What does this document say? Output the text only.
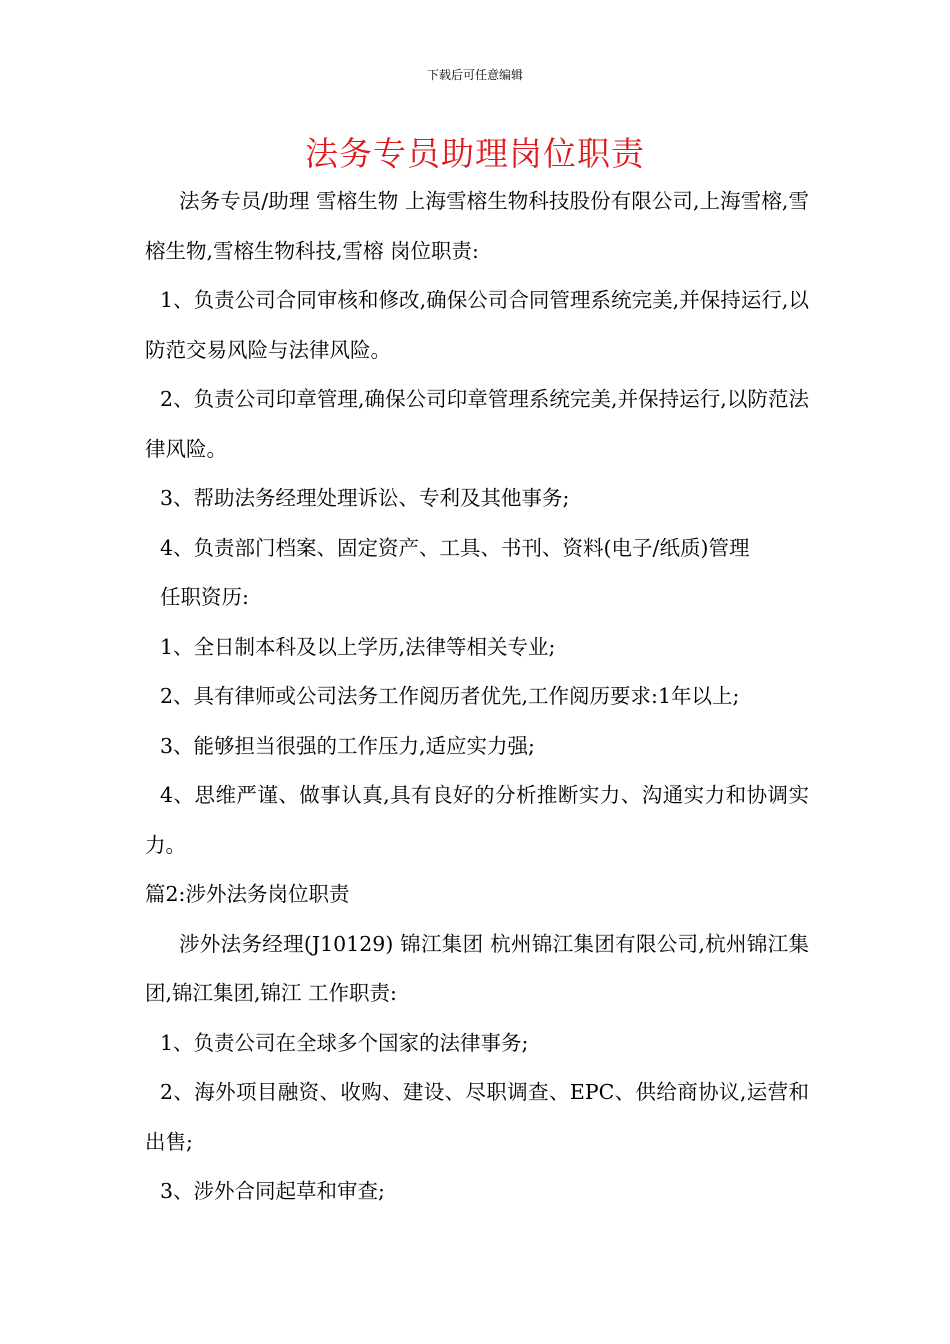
下载后可任意编辑
法务专员助理岗位职责

法务专员/助理 雪榕生物 上海雪榕生物科技股份有限公司,上海雪榕,雪榕生物,雪榕生物科技,雪榕 岗位职责:

1、负责公司合同审核和修改,确保公司合同管理系统完美,并保持运行,以防范交易风险与法律风险。

2、负责公司印章管理,确保公司印章管理系统完美,并保持运行,以防范法律风险。

3、帮助法务经理处理诉讼、专利及其他事务;

4、负责部门档案、固定资产、工具、书刊、资料(电子/纸质)管理

任职资历:

1、全日制本科及以上学历,法律等相关专业;

2、具有律师或公司法务工作阅历者优先,工作阅历要求:1年以上;

3、能够担当很强的工作压力,适应实力强;

4、思维严谨、做事认真,具有良好的分析推断实力、沟通实力和协调实力。

篇2:涉外法务岗位职责

涉外法务经理(J10129) 锦江集团 杭州锦江集团有限公司,杭州锦江集团,锦江集团,锦江 工作职责:

1、负责公司在全球多个国家的法律事务;

2、海外项目融资、收购、建设、尽职调查、EPC、供给商协议,运营和出售;

3、涉外合同起草和审查;
